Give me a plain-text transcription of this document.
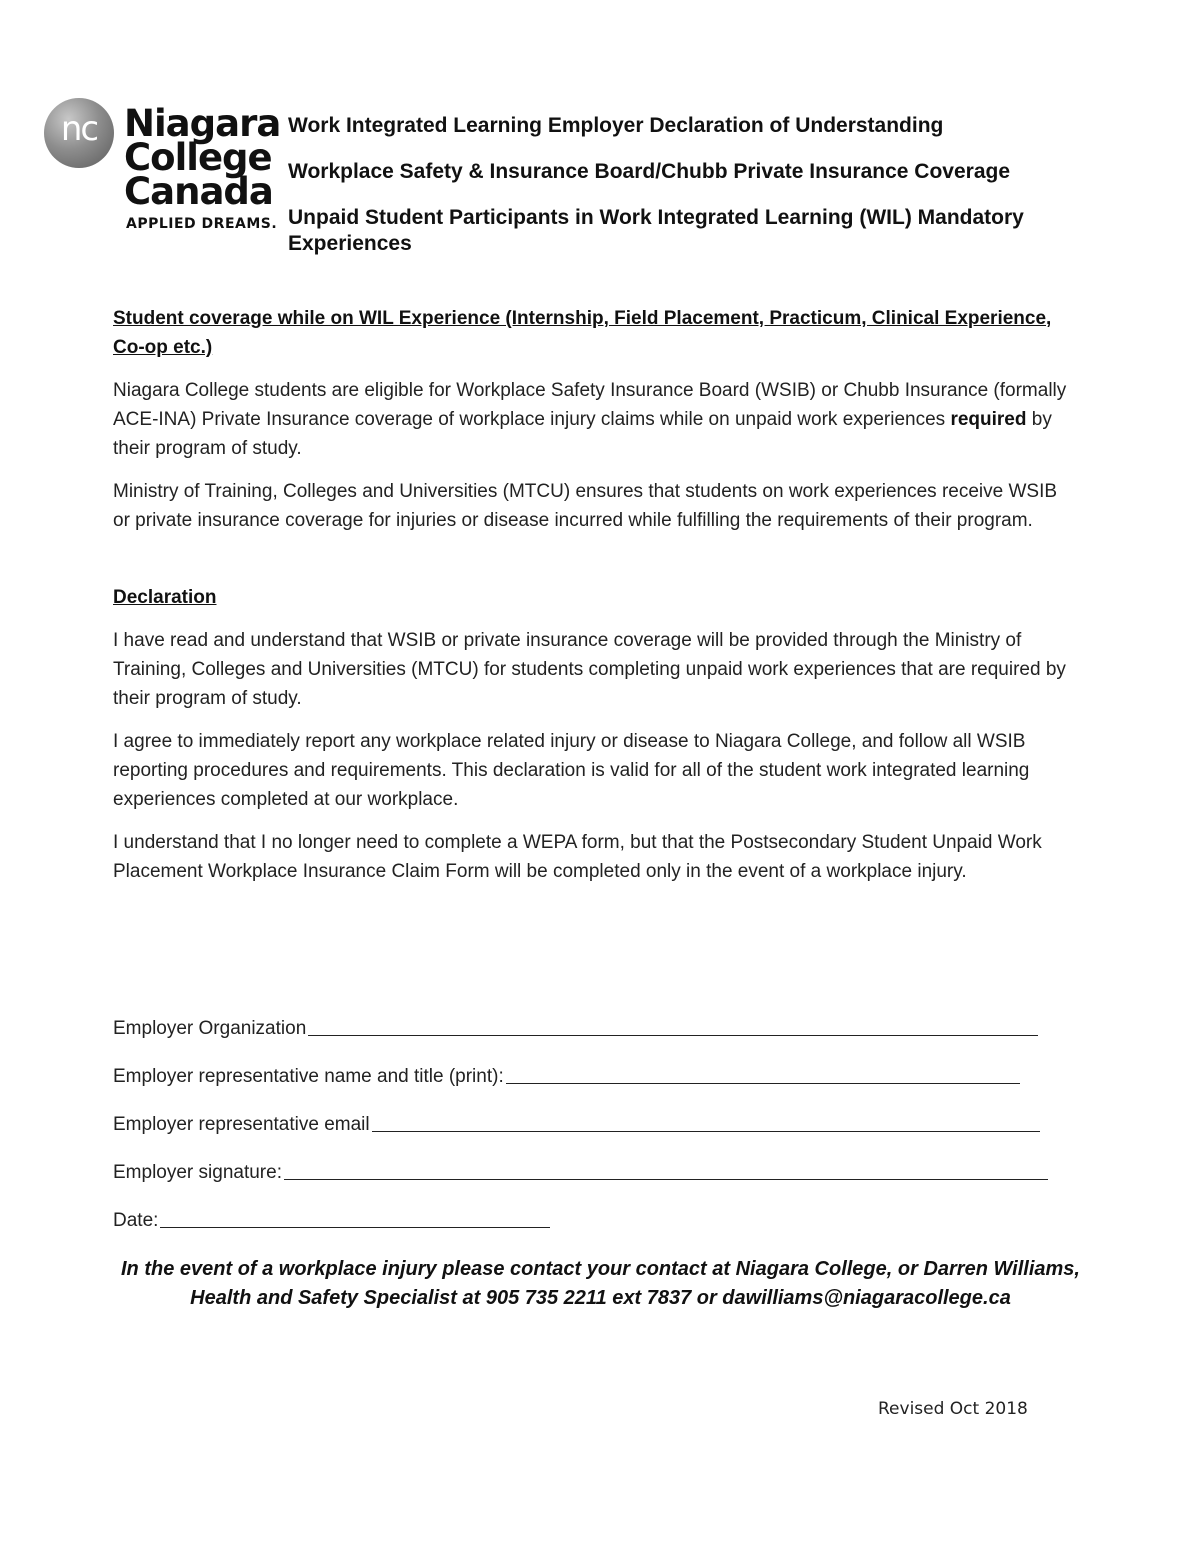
nc Niagara
College
Canada
APPLIED DREAMS.
Work Integrated Learning Employer Declaration of Understanding
Workplace Safety & Insurance Board/Chubb Private Insurance Coverage
Unpaid Student Participants in Work Integrated Learning (WIL) Mandatory Experiences
Student coverage while on WIL Experience (Internship, Field Placement, Practicum, Clinical Experience, Co-op etc.)

Niagara College students are eligible for Workplace Safety Insurance Board (WSIB) or Chubb Insurance (formally ACE-INA) Private Insurance coverage of workplace injury claims while on unpaid work experiences required by their program of study.

Ministry of Training, Colleges and Universities (MTCU) ensures that students on work experiences receive WSIB or private insurance coverage for injuries or disease incurred while fulfilling the requirements of their program.

Declaration

I have read and understand that WSIB or private insurance coverage will be provided through the Ministry of Training, Colleges and Universities (MTCU) for students completing unpaid work experiences that are required by their program of study.

I agree to immediately report any workplace related injury or disease to Niagara College, and follow all WSIB reporting procedures and requirements. This declaration is valid for all of the student work integrated learning experiences completed at our workplace.

I understand that I no longer need to complete a WEPA form, but that the Postsecondary Student Unpaid Work Placement Workplace Insurance Claim Form will be completed only in the event of a workplace injury.

Employer Organization
Employer representative name and title (print):
Employer representative email
Employer signature:
Date:
In the event of a workplace injury please contact your contact at Niagara College, or Darren Williams, Health and Safety Specialist at 905 735 2211 ext 7837 or dawilliams@niagaracollege.ca
Revised Oct 2018
